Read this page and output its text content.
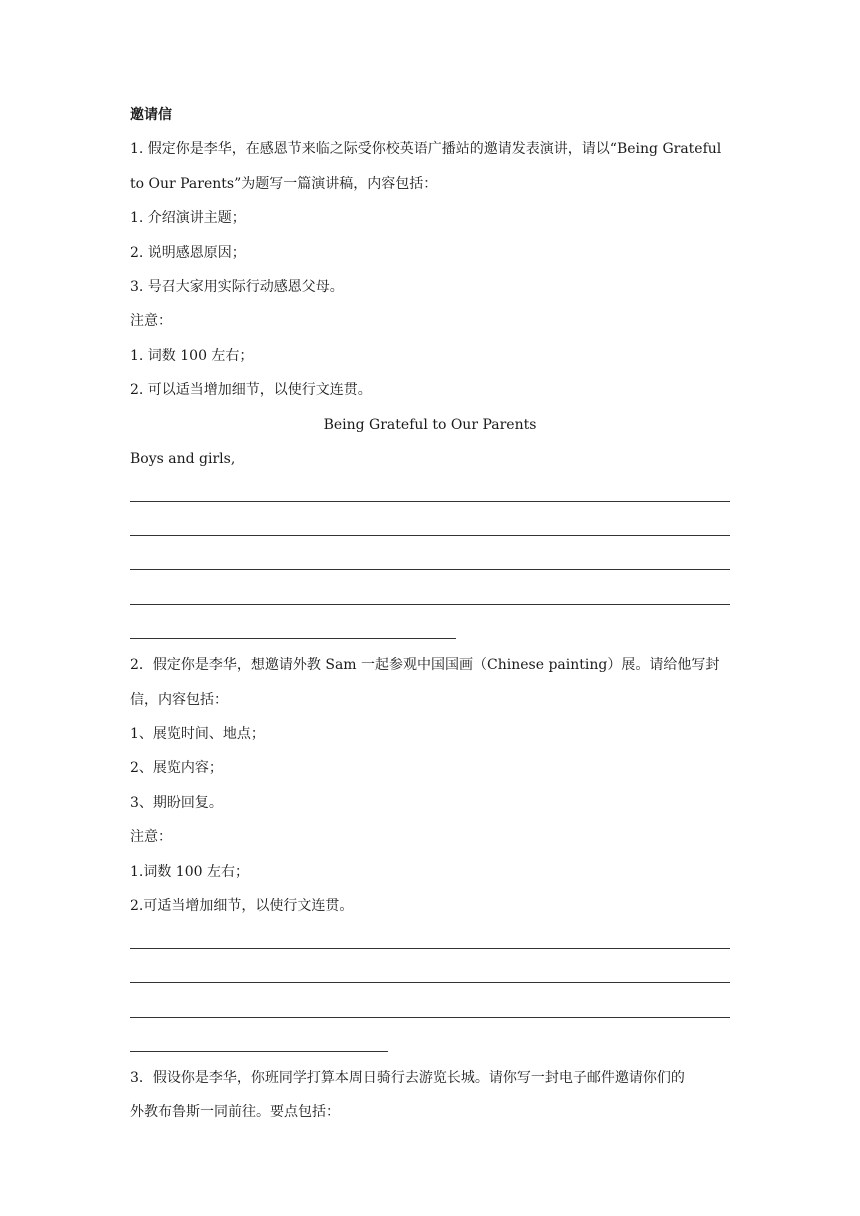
邀请信
1. 假定你是李华，在感恩节来临之际受你校英语广播站的邀请发表演讲，请以“Being Grateful
to Our Parents”为题写一篇演讲稿，内容包括：
1. 介绍演讲主题；
2. 说明感恩原因；
3. 号召大家用实际行动感恩父母。
注意：
1. 词数 100 左右；
2. 可以适当增加细节，以使行文连贯。
Being Grateful to Our Parents
Boys and girls,
2．假定你是李华，想邀请外教 Sam 一起参观中国国画（Chinese painting）展。请给他写封
信，内容包括：
1、展览时间、地点；
2、展览内容；
3、期盼回复。
注意：
1.词数 100 左右；
2.可适当增加细节，以使行文连贯。
3．假设你是李华，你班同学打算本周日骑行去游览长城。请你写一封电子邮件邀请你们的
外教布鲁斯一同前往。要点包括：
